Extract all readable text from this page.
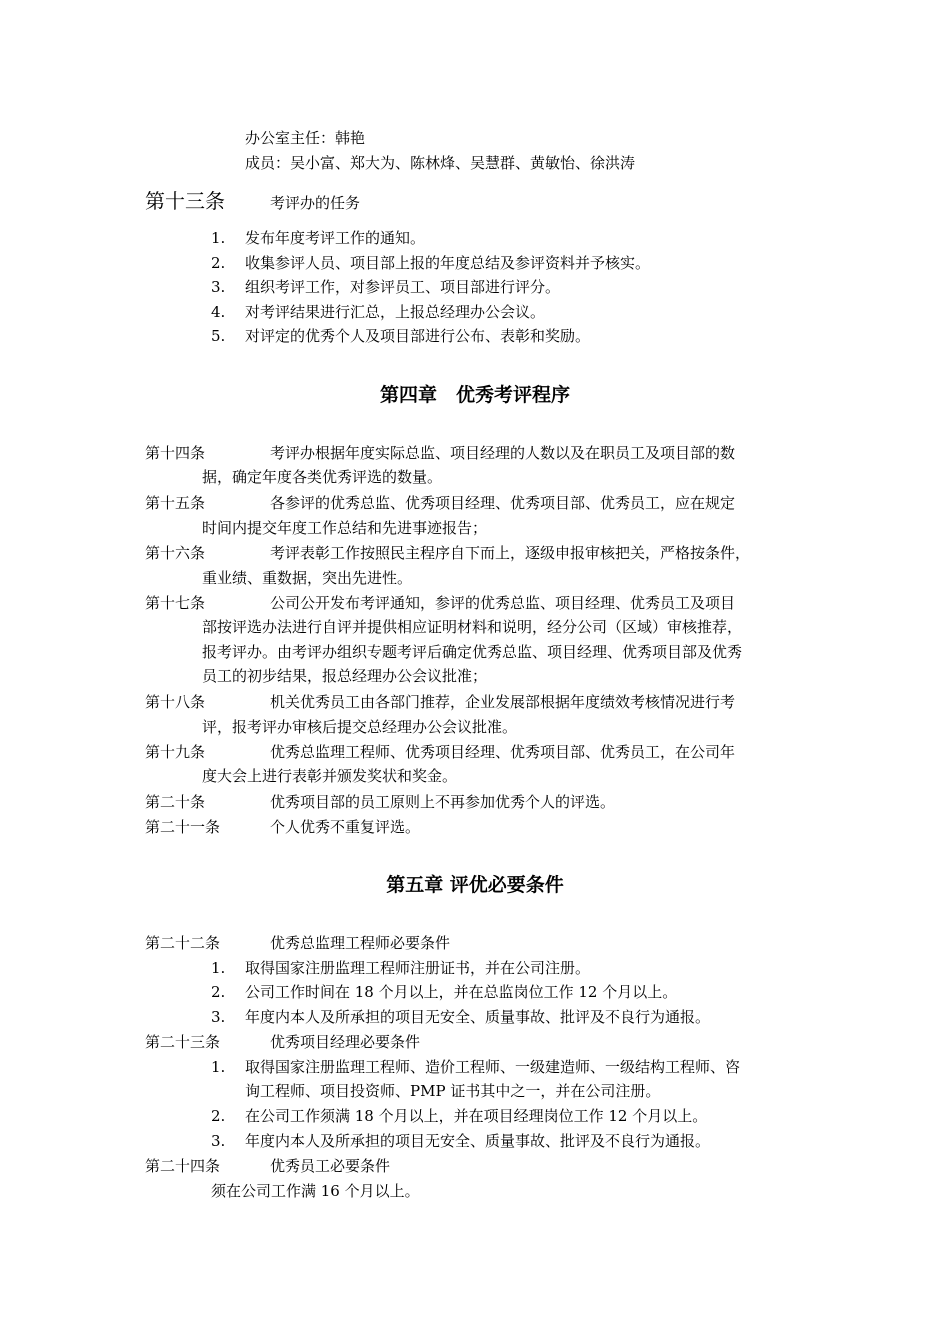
办公室主任：韩艳
成员：吴小富、郑大为、陈林烽、吴慧群、黄敏怡、徐洪涛
第十三条	考评办的任务
1. 发布年度考评工作的通知。
2. 收集参评人员、项目部上报的年度总结及参评资料并予核实。
3. 组织考评工作，对参评员工、项目部进行评分。
4. 对考评结果进行汇总，上报总经理办公会议。
5. 对评定的优秀个人及项目部进行公布、表彰和奖励。
第四章　优秀考评程序
第十四条	考评办根据年度实际总监、项目经理的人数以及在职员工及项目部的数
据，确定年度各类优秀评选的数量。
第十五条	各参评的优秀总监、优秀项目经理、优秀项目部、优秀员工，应在规定
时间内提交年度工作总结和先进事迹报告；
第十六条	考评表彰工作按照民主程序自下而上，逐级申报审核把关，严格按条件，
重业绩、重数据，突出先进性。
第十七条	公司公开发布考评通知，参评的优秀总监、项目经理、优秀员工及项目
部按评选办法进行自评并提供相应证明材料和说明，经分公司（区域）审核推荐，
报考评办。由考评办组织专题考评后确定优秀总监、项目经理、优秀项目部及优秀
员工的初步结果，报总经理办公会议批准；
第十八条	机关优秀员工由各部门推荐，企业发展部根据年度绩效考核情况进行考
评，报考评办审核后提交总经理办公会议批准。
第十九条	优秀总监理工程师、优秀项目经理、优秀项目部、优秀员工，在公司年
度大会上进行表彰并颁发奖状和奖金。
第二十条	优秀项目部的员工原则上不再参加优秀个人的评选。
第二十一条	个人优秀不重复评选。
第五章 评优必要条件
第二十二条	优秀总监理工程师必要条件
1. 取得国家注册监理工程师注册证书，并在公司注册。
2. 公司工作时间在 18 个月以上，并在总监岗位工作 12 个月以上。
3. 年度内本人及所承担的项目无安全、质量事故、批评及不良行为通报。
第二十三条	优秀项目经理必要条件
1. 取得国家注册监理工程师、造价工程师、一级建造师、一级结构工程师、咨
询工程师、项目投资师、PMP 证书其中之一，并在公司注册。
2. 在公司工作须满 18 个月以上，并在项目经理岗位工作 12 个月以上。
3. 年度内本人及所承担的项目无安全、质量事故、批评及不良行为通报。
第二十四条	优秀员工必要条件
须在公司工作满 16 个月以上。
